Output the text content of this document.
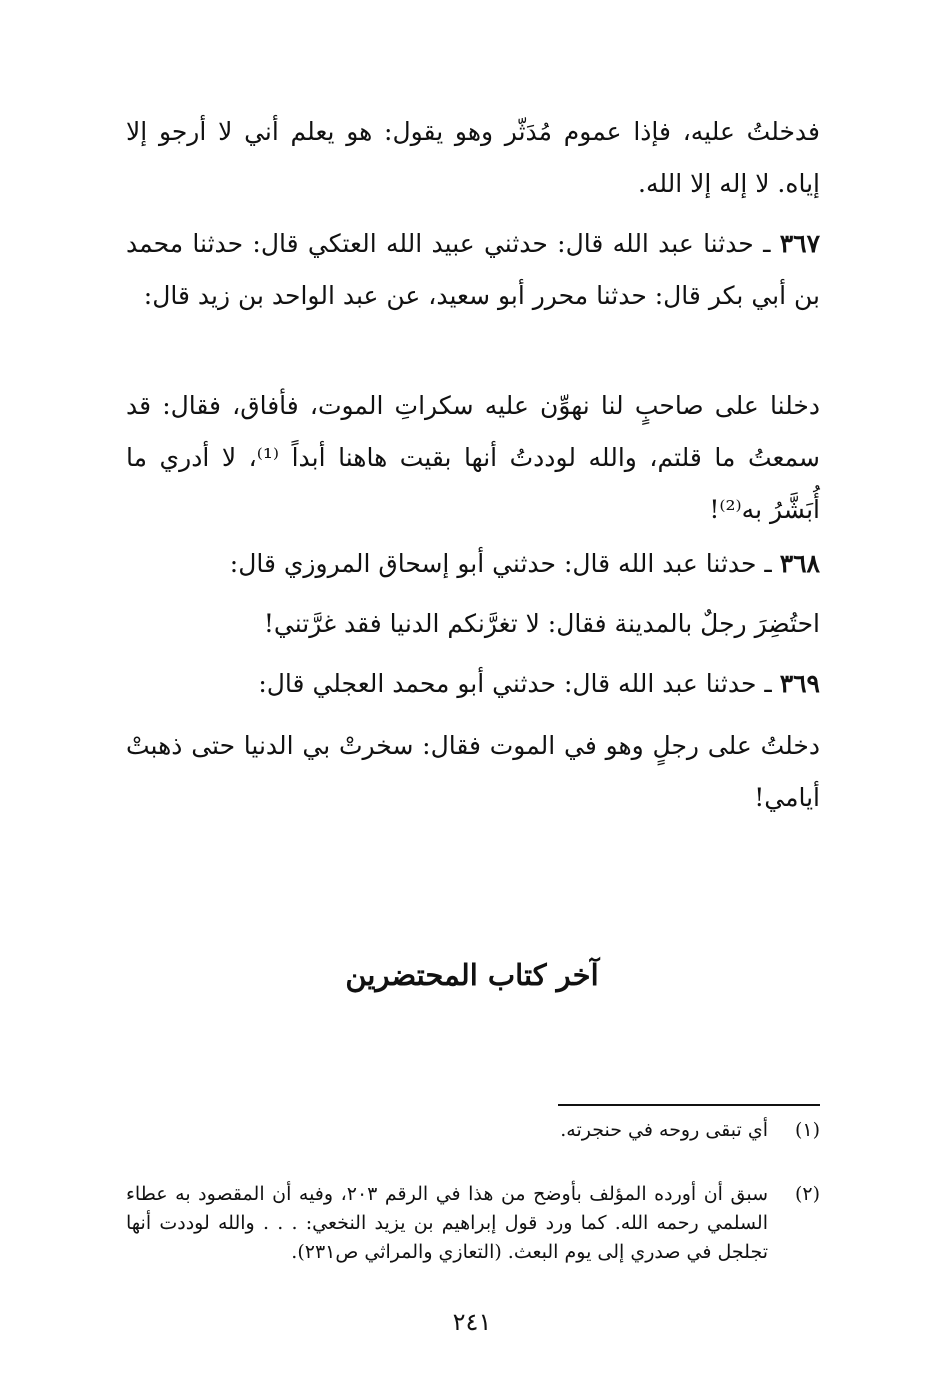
فدخلتُ عليه، فإذا عموم مُدَثّر وهو يقول: هو يعلم أني لا أرجو إلا إياه. لا إله إلا الله.
٣٦٧ ـ حدثنا عبد الله قال: حدثني عبيد الله العتكي قال: حدثنا محمد بن أبي بكر قال: حدثنا محرر أبو سعيد، عن عبد الواحد بن زيد قال:
دخلنا على صاحبٍ لنا نهوِّن عليه سكراتِ الموت، فأفاق، فقال: قد سمعتُ ما قلتم، والله لوددتُ أنها بقيت هاهنا أبداً ⁽¹⁾، لا أدري ما أُبَشَّرُ به⁽²⁾!
٣٦٨ ـ حدثنا عبد الله قال: حدثني أبو إسحاق المروزي قال:
احتُضِرَ رجلٌ بالمدينة فقال: لا تغرَّنكم الدنيا فقد غرَّتني!
٣٦٩ ـ حدثنا عبد الله قال: حدثني أبو محمد العجلي قال:
دخلتُ على رجلٍ وهو في الموت فقال: سخرتْ بي الدنيا حتى ذهبتْ أيامي!
آخر كتاب المحتضرين
(١)
أي تبقى روحه في حنجرته.
(٢)
سبق أن أورده المؤلف بأوضح من هذا في الرقم ٢٠٣، وفيه أن المقصود به عطاء السلمي رحمه الله. كما ورد قول إبراهيم بن يزيد النخعي: . . . والله لوددت أنها تجلجل في صدري إلى يوم البعث. (التعازي والمراثي ص٢٣١).
٢٤١
